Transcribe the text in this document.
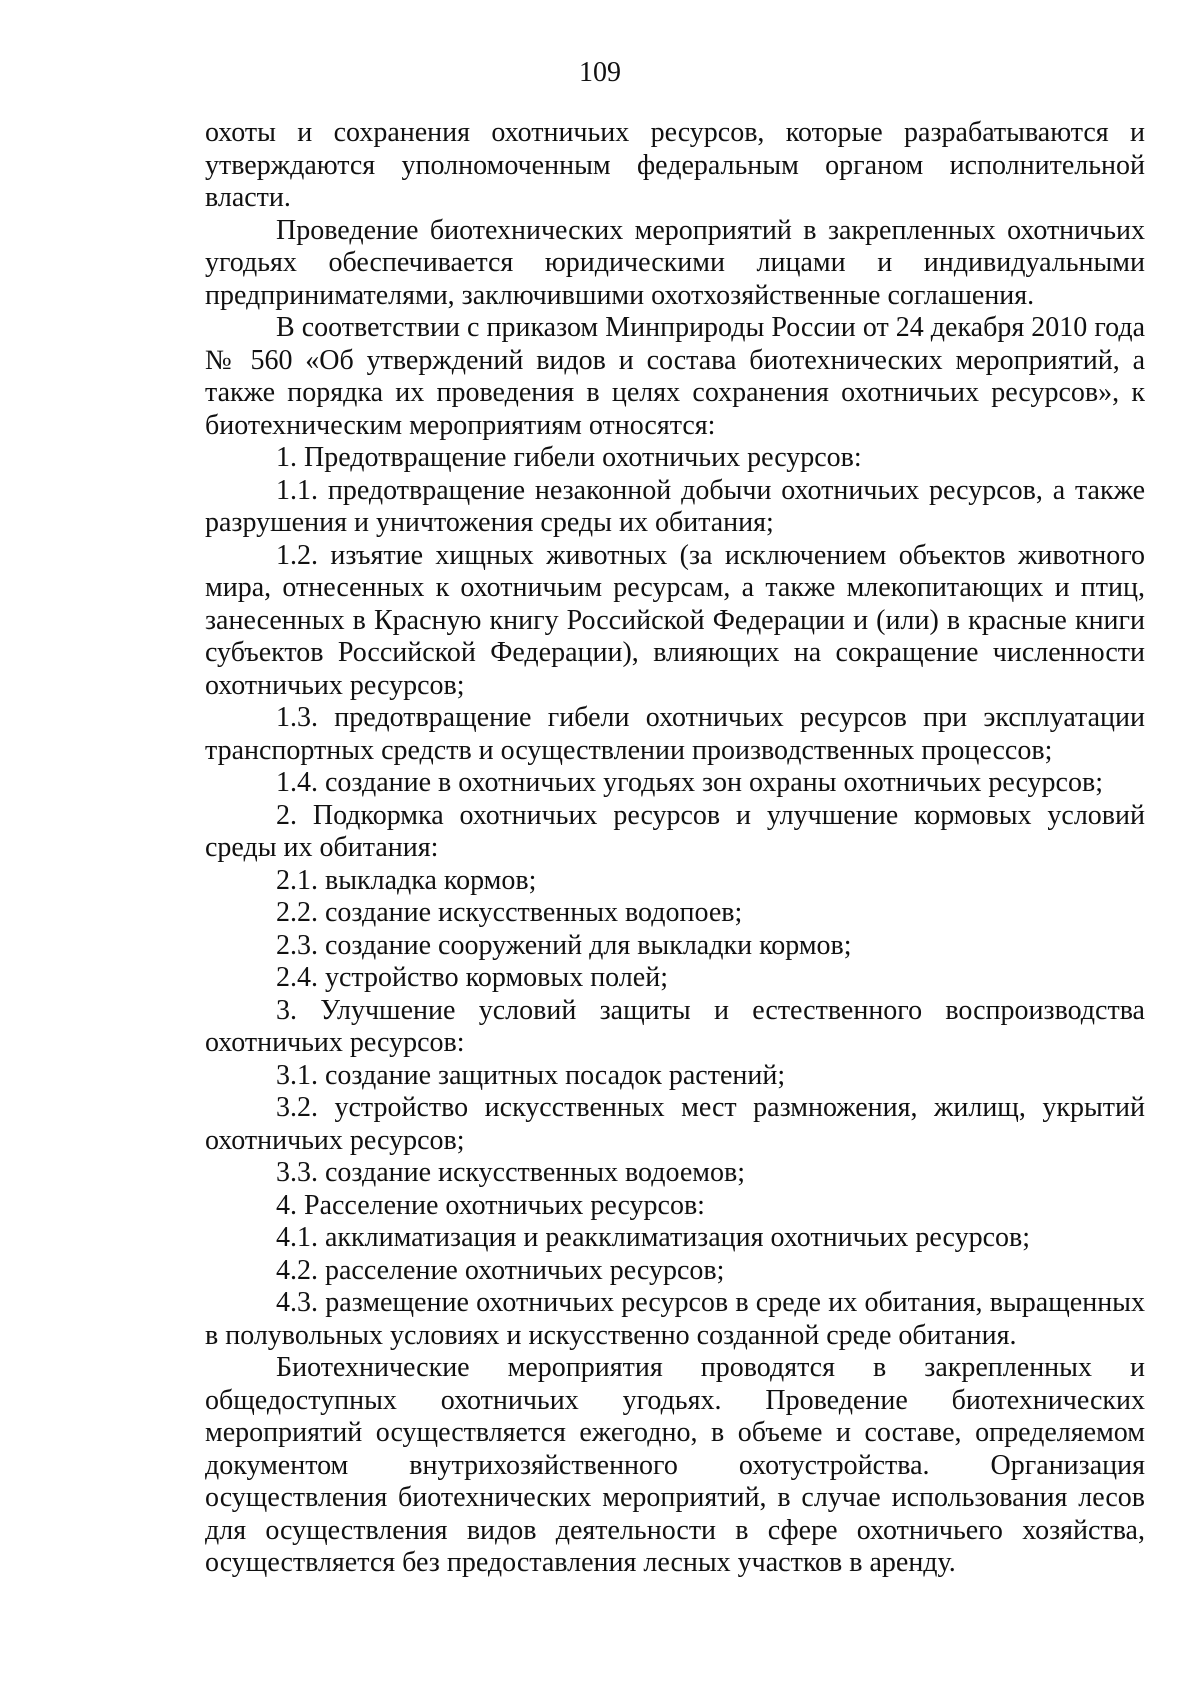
109

охоты и сохранения охотничьих ресурсов, которые разрабатываются и утверждаются уполномоченным федеральным органом исполнительной власти.

Проведение биотехнических мероприятий в закрепленных охотничьих угодьях обеспечивается юридическими лицами и индивидуальными предпринимателями, заключившими охотхозяйственные соглашения.

В соответствии с приказом Минприроды России от 24 декабря 2010 года № 560 «Об утверждений видов и состава биотехнических мероприятий, а также порядка их проведения в целях сохранения охотничьих ресурсов», к биотехническим мероприятиям относятся:

1. Предотвращение гибели охотничьих ресурсов:

1.1. предотвращение незаконной добычи охотничьих ресурсов, а также разрушения и уничтожения среды их обитания;

1.2. изъятие хищных животных (за исключением объектов животного мира, отнесенных к охотничьим ресурсам, а также млекопитающих и птиц, занесенных в Красную книгу Российской Федерации и (или) в красные книги субъектов Российской Федерации), влияющих на сокращение численности охотничьих ресурсов;

1.3. предотвращение гибели охотничьих ресурсов при эксплуатации транспортных средств и осуществлении производственных процессов;

1.4. создание в охотничьих угодьях зон охраны охотничьих ресурсов;

2. Подкормка охотничьих ресурсов и улучшение кормовых условий среды их обитания:

2.1. выкладка кормов;

2.2. создание искусственных водопоев;

2.3. создание сооружений для выкладки кормов;

2.4. устройство кормовых полей;

3. Улучшение условий защиты и естественного воспроизводства охотничьих ресурсов:

3.1. создание защитных посадок растений;

3.2. устройство искусственных мест размножения, жилищ, укрытий охотничьих ресурсов;

3.3. создание искусственных водоемов;

4. Расселение охотничьих ресурсов:

4.1. акклиматизация и реакклиматизация охотничьих ресурсов;

4.2. расселение охотничьих ресурсов;

4.3. размещение охотничьих ресурсов в среде их обитания, выращенных в полувольных условиях и искусственно созданной среде обитания.

Биотехнические мероприятия проводятся в закрепленных и общедоступных охотничьих угодьях. Проведение биотехнических мероприятий осуществляется ежегодно, в объеме и составе, определяемом документом внутрихозяйственного охотустройства. Организация осуществления биотехнических мероприятий, в случае использования лесов для осуществления видов деятельности в сфере охотничьего хозяйства, осуществляется без предоставления лесных участков в аренду.
